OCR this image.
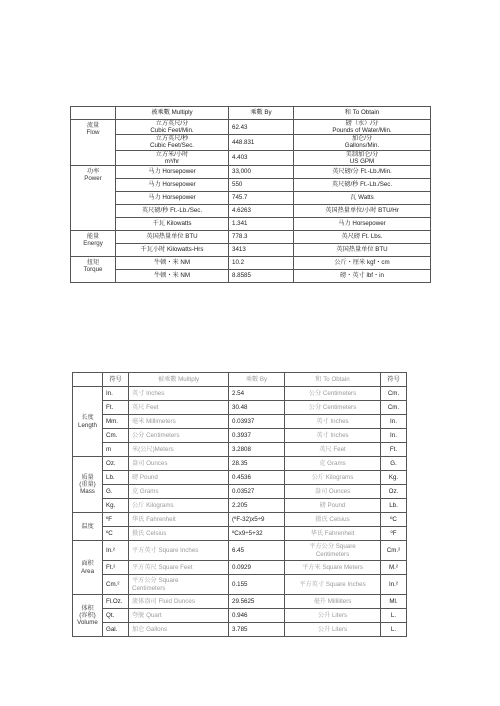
	被乘數 Multiply	乘數 By	和 To Obtain

流量
Flow	立方英尺/分
Cubic Feet/Min.	62.43	磅（水）/分
Pounds of Water/Min.

	立方英尺/秒
Cubic Feet/Sec.	448.831	加仑/分
Gallons/Min.

	立方米/小时
m³/hr	4.403	美制加仑/分
US GPM

功率
Power	马力 Horsepower	33,000	英尺磅/分 Ft.-Lb./Min.
	马力 Horsepower	550	英尺磅/秒 Ft.-Lb./Sec.
	马力 Horsepower	745.7	瓦 Watts
	英尺磅/秒 Ft.-Lb./Sec.	4.6263	英国热量单位/小时 BTU/Hr
	千瓦 Kilowatts	1.341	马力 Horsepower

能量
Energy	英国热量单位 BTU	778.3	英尺磅 Ft. Lbs.
	千瓦小时 Kilowatts-Hrs	3413	英国热量单位 BTU

扭矩
Torque	牛顿・米 NM	10.2	公斤・厘米 kgf・cm
	牛顿・米 NM	8.8585	磅・英寸 lbf・in
	符号	被乘數 Multiply	乘數 By	和 To Obtain	符号

长度
Length	In.	英寸 Inches	2.54	公分 Centimeters	Cm.
	Ft.	英尺 Feet	30.48	公分 Centimeters	Cm.
	Mm.	毫米 Millimeters	0.03937	英寸 Inches	In.
	Cm.	公分 Centimeters	0.3937	英寸 Inches	In.
	m	米(公尺)Meters	3.2808	英尺 Feet	Ft.

质量
(重量)
Mass	Oz.	盎司 Ounces	28.35	克 Grams	G.
	Lb.	磅 Pound	0.4536	公斤 Kilograms	Kg.
	G.	克 Grams	0.03527	盎司 Ounces	Oz.
	Kg.	公斤 Kilograms	2.205	磅 Pound	Lb.

温度	ºF	华氏 Fahrenheit	(ºF-32)x5÷9	摄氏 Celsius	ºC
	ºC	摄氏 Celsius	ºCx9÷5+32	华氏 Fahrenheit	ºF

面积
Area	In.²	平方英寸 Square Inches	6.45	平方公分 Square
Centimeters	Cm.²
	Ft.²	平方英尺 Square Feet	0.0929	平方米 Square Meters	M.²
	Cm.²	平方公分 Square
Centimeters	0.155	平方英寸 Square Inches	In.²

体积
(容积)
Volume	Fl.Oz.	流体盎司 Fluid Ounces	29.5625	毫升 Milliliters	Ml.
	Qt.	夸脱 Quart	0.946	公升 Liters	L.
	Gal.	加仑 Gallons	3.785	公升 Liters	L.
